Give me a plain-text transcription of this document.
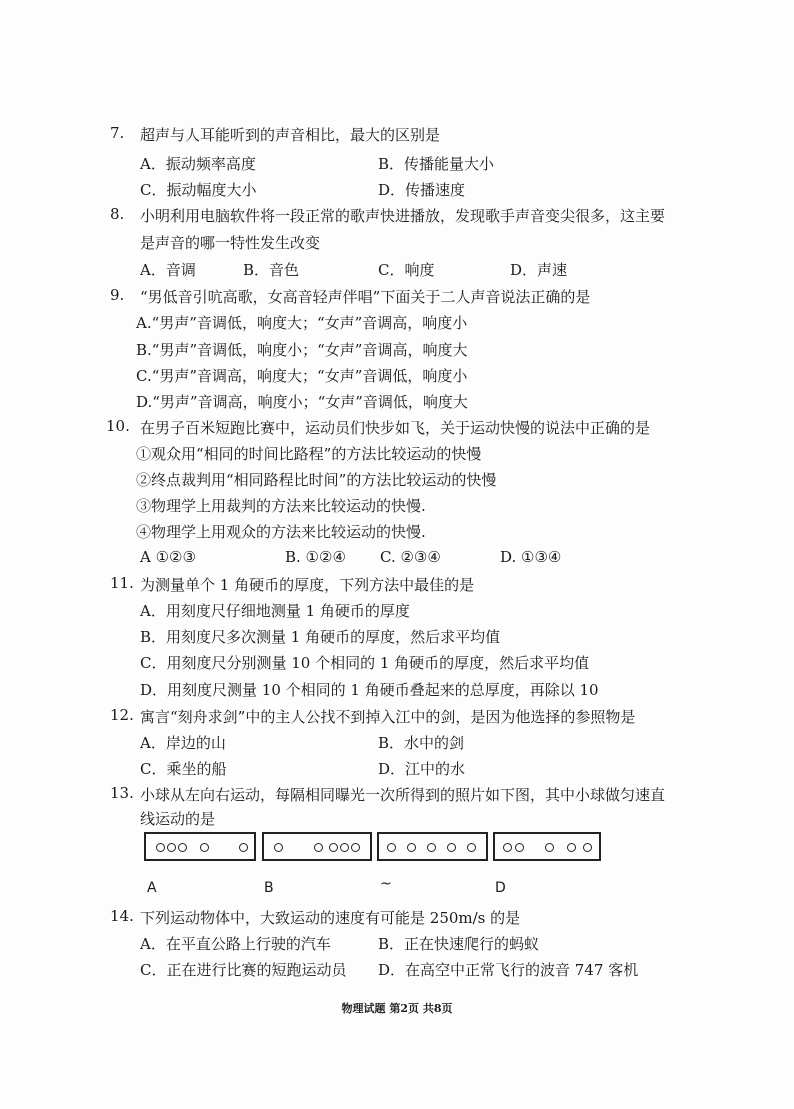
7. 超声与人耳能听到的声音相比，最大的区别是
A．振动频率高度	B．传播能量大小
C．振动幅度大小	D．传播速度
8. 小明利用电脑软件将一段正常的歌声快进播放，发现歌手声音变尖很多，这主要
是声音的哪一特性发生改变
A．音调	B．音色	C．响度	D．声速
9. “男低音引吭高歌，女高音轻声伴唱”下面关于二人声音说法正确的是
A.“男声”音调低，响度大；“女声”音调高，响度小
B.“男声”音调低，响度小；“女声”音调高，响度大
C.“男声”音调高，响度大；“女声”音调低，响度小
D.“男声”音调高，响度小；“女声”音调低，响度大
10. 在男子百米短跑比赛中，运动员们快步如飞，关于运动快慢的说法中正确的是
①观众用“相同的时间比路程”的方法比较运动的快慢
②终点裁判用“相同路程比时间”的方法比较运动的快慢
③物理学上用裁判的方法来比较运动的快慢.
④物理学上用观众的方法来比较运动的快慢.
A ①②③	B. ①②④ C. ②③④	D. ①③④
11. 为测量单个 1 角硬币的厚度，下列方法中最佳的是
A．用刻度尺仔细地测量 1 角硬币的厚度
B．用刻度尺多次测量 1 角硬币的厚度，然后求平均值
C．用刻度尺分别测量 10 个相同的 1 角硬币的厚度，然后求平均值
D．用刻度尺测量 10 个相同的 1 角硬币叠起来的总厚度，再除以 10
12. 寓言“刻舟求剑”中的主人公找不到掉入江中的剑，是因为他选择的参照物是
A．岸边的山	B．水中的剑
C．乘坐的船	D．江中的水
13. 小球从左向右运动，每隔相同曝光一次所得到的照片如下图，其中小球做匀速直
线运动的是
A	B	~	D
14. 下列运动物体中，大致运动的速度有可能是 250m/s 的是
A．在平直公路上行驶的汽车	B．正在快速爬行的蚂蚁
C．正在进行比赛的短跑运动员 D．在高空中正常飞行的波音 747 客机
物理试题 第2页 共8页
